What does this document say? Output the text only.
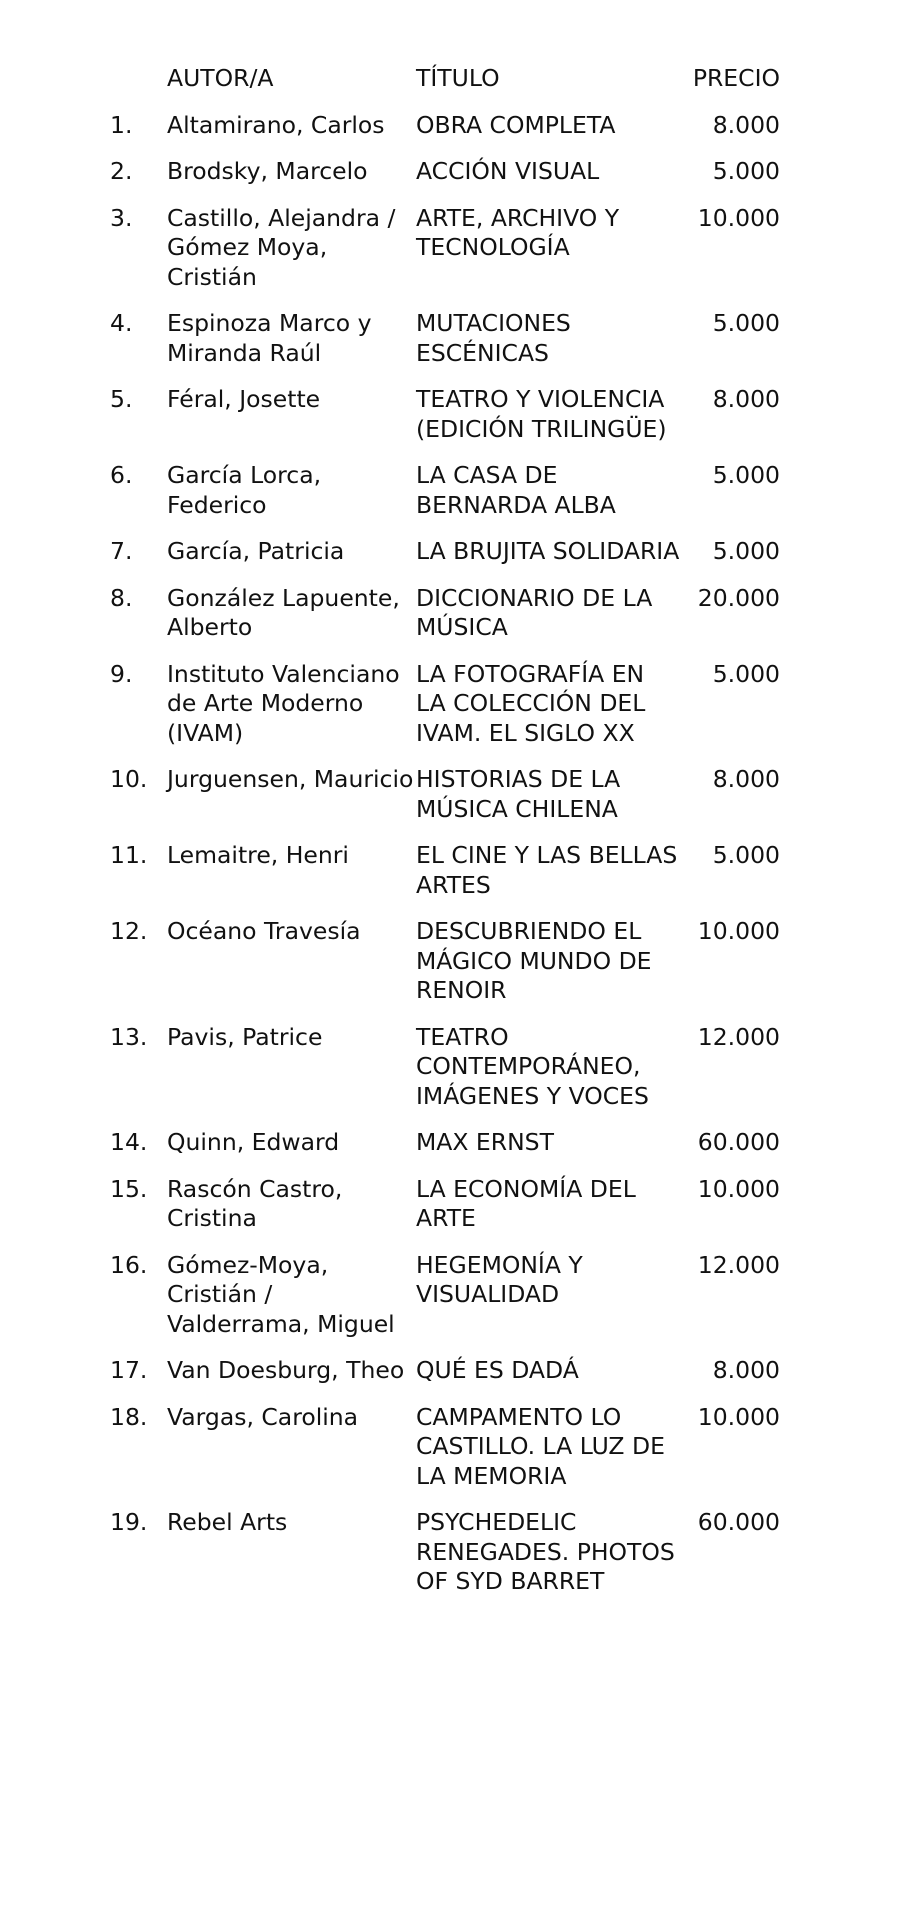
	AUTOR/A	TÍTULO	PRECIO
1.	Altamirano, Carlos	OBRA COMPLETA	8.000
2.	Brodsky, Marcelo	ACCIÓN VISUAL	5.000
3.	Castillo, Alejandra / Gómez Moya, Cristián	ARTE, ARCHIVO Y TECNOLOGÍA	10.000
4.	Espinoza Marco y Miranda Raúl	MUTACIONES ESCÉNICAS	5.000
5.	Féral, Josette	TEATRO Y VIOLENCIA (EDICIÓN TRILINGÜE)	8.000
6.	García Lorca, Federico	LA CASA DE BERNARDA ALBA	5.000
7.	García, Patricia	LA BRUJITA SOLIDARIA	5.000
8.	González Lapuente, Alberto	DICCIONARIO DE LA MÚSICA	20.000
9.	Instituto Valenciano de Arte Moderno (IVAM)	LA FOTOGRAFÍA EN LA COLECCIÓN DEL IVAM. EL SIGLO XX	5.000
10.	Jurguensen, Mauricio	HISTORIAS DE LA MÚSICA CHILENA	8.000
11.	Lemaitre, Henri	EL CINE Y LAS BELLAS ARTES	5.000
12.	Océano Travesía	DESCUBRIENDO EL MÁGICO MUNDO DE RENOIR	10.000
13.	Pavis, Patrice	TEATRO CONTEMPORÁNEO, IMÁGENES Y VOCES	12.000
14.	Quinn, Edward	MAX ERNST	60.000
15.	Rascón Castro, Cristina	LA ECONOMÍA DEL ARTE	10.000
16.	Gómez-Moya, Cristián / Valderrama, Miguel	HEGEMONÍA Y VISUALIDAD	12.000
17.	Van Doesburg, Theo	QUÉ ES DADÁ	8.000
18.	Vargas, Carolina	CAMPAMENTO LO CASTILLO. LA LUZ DE LA MEMORIA	10.000
19.	Rebel Arts	PSYCHEDELIC RENEGADES. PHOTOS OF SYD BARRET	60.000
